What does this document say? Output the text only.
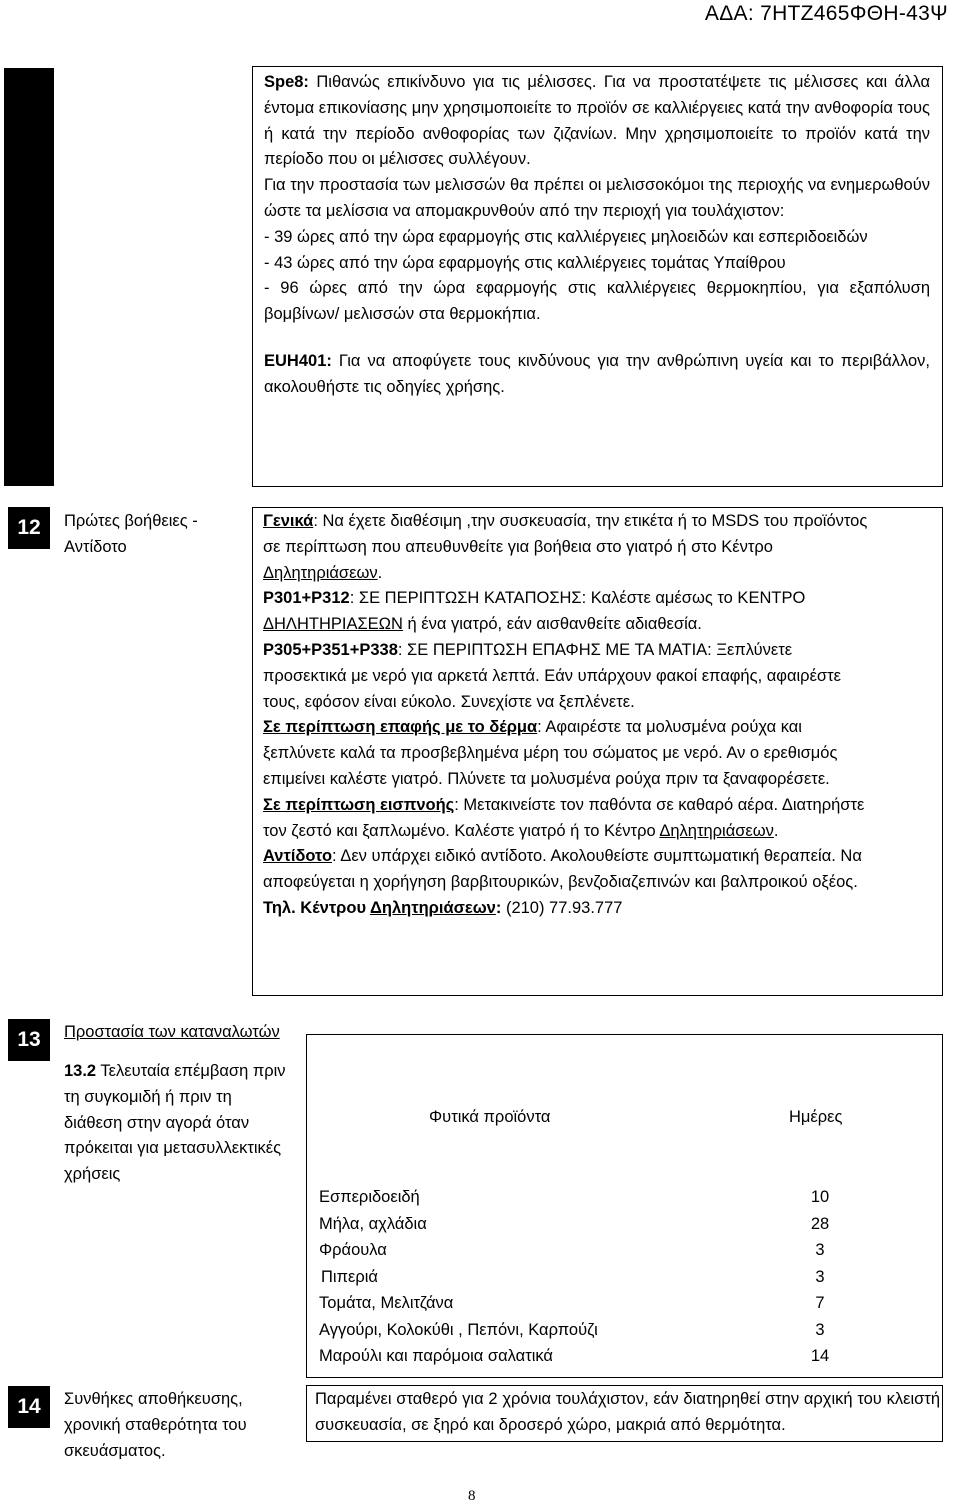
ΑΔΑ: 7ΗΤΖ465ΦΘΗ-43Ψ

Spe8: Πιθανώς επικίνδυνο για τις μέλισσες. Για να προστατέψετε τις μέλισσες και άλλα έντομα επικονίασης μην χρησιμοποιείτε το προϊόν σε καλλιέργειες κατά την ανθοφορία τους ή κατά την περίοδο ανθοφορίας των ζιζανίων. Μην χρησιμοποιείτε το προϊόν κατά την περίοδο που οι μέλισσες συλλέγουν.

Για την προστασία των μελισσών θα πρέπει οι μελισσοκόμοι της περιοχής να ενημερωθούν ώστε τα μελίσσια να απομακρυνθούν από την περιοχή για τουλάχιστον:

- 39 ώρες από την ώρα εφαρμογής στις καλλιέργειες μηλοειδών και εσπεριδοειδών

- 43 ώρες από την ώρα εφαρμογής στις καλλιέργειες τομάτας Υπαίθρου

- 96 ώρες από την ώρα εφαρμογής στις καλλιέργειες θερμοκηπίου, για εξαπόλυση βομβίνων/ μελισσών στα θερμοκήπια.

EUH401: Για να αποφύγετε τους κινδύνους για την ανθρώπινη υγεία και το περιβάλλον, ακολουθήστε τις οδηγίες χρήσης.

12	Πρώτες βοήθειες - Αντίδοτο

Γενικά: Να έχετε διαθέσιμη ,την συσκευασία, την ετικέτα ή το MSDS του προϊόντος σε περίπτωση που απευθυνθείτε για βοήθεια στο γιατρό ή στο Κέντρο Δηλητηριάσεων.

P301+P312: ΣΕ ΠΕΡΙΠΤΩΣΗ ΚΑΤΑΠΟΣΗΣ: Καλέστε αμέσως το ΚΕΝΤΡΟ ΔΗΛΗΤΗΡΙΑΣΕΩΝ ή ένα γιατρό, εάν αισθανθείτε αδιαθεσία.

P305+P351+P338: ΣΕ ΠΕΡΙΠΤΩΣΗ ΕΠΑΦΗΣ ΜΕ ΤΑ ΜΑΤΙΑ: Ξεπλύνετε προσεκτικά με νερό για αρκετά λεπτά. Εάν υπάρχουν φακοί επαφής, αφαιρέστε τους, εφόσον είναι εύκολο. Συνεχίστε να ξεπλένετε.

Σε περίπτωση επαφής με το δέρμα: Αφαιρέστε τα μολυσμένα ρούχα και ξεπλύνετε καλά τα προσβεβλημένα μέρη του σώματος με νερό. Αν ο ερεθισμός επιμείνει καλέστε γιατρό. Πλύνετε τα μολυσμένα ρούχα πριν τα ξαναφορέσετε.

Σε περίπτωση εισπνοής: Μετακινείστε τον παθόντα σε καθαρό αέρα. Διατηρήστε τον ζεστό και ξαπλωμένο. Καλέστε γιατρό ή το Κέντρο Δηλητηριάσεων.

Αντίδοτο: Δεν υπάρχει ειδικό αντίδοτο. Ακολουθείστε συμπτωματική θεραπεία. Να αποφεύγεται η χορήγηση βαρβιτουρικών, βενζοδιαζεπινών και βαλπροικού οξέος.

Τηλ. Κέντρου Δηλητηριάσεων: (210) 77.93.777

13	Προστασία των καταναλωτών
13.2 Τελευταία επέμβαση πριν τη συγκομιδή ή πριν τη διάθεση στην αγορά όταν πρόκειται για μετασυλλεκτικές χρήσεις
Φυτικά προϊόντα	Ημέρες
Εσπεριδοειδή	10
Μήλα, αχλάδια	28
Φράουλα	3
Πιπεριά	3
Τομάτα, Μελιτζάνα	7
Αγγούρι, Κολοκύθι , Πεπόνι, Καρπούζι	3
Μαρούλι και παρόμοια σαλατικά	14
14	Συνθήκες αποθήκευσης, χρονική σταθερότητα του σκευάσματος.
Παραμένει σταθερό για 2 χρόνια τουλάχιστον, εάν διατηρηθεί στην αρχική του κλειστή συσκευασία, σε ξηρό και δροσερό χώρο, μακριά από θερμότητα.
8
